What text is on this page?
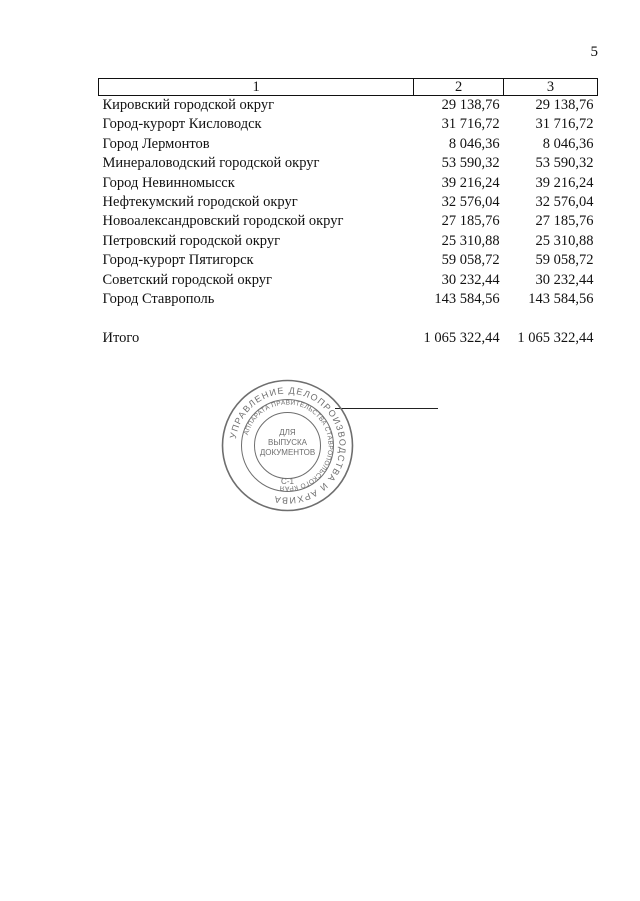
5
1	2	3
Кировский городской округ	29 138,76	29 138,76
Город-курорт Кисловодск	31 716,72	31 716,72
Город Лермонтов	8 046,36	8 046,36
Минераловодский городской округ	53 590,32	53 590,32
Город Невинномысск	39 216,24	39 216,24
Нефтекумский городской округ	32 576,04	32 576,04
Новоалександровский городской округ	27 185,76	27 185,76
Петровский городской округ	25 310,88	25 310,88
Город-курорт Пятигорск	59 058,72	59 058,72
Советский городской округ	30 232,44	30 232,44
Город Ставрополь	143 584,56	143 584,56

Итого	1 065 322,44	1 065 322,44
УПРАВЛЕНИЕ ДЕЛОПРОИЗВОДСТВА И АРХИВА
АППАРАТА ПРАВИТЕЛЬСТВА СТАВРОПОЛЬСКОГО КРАЯ
ДЛЯ
ВЫПУСКА
ДОКУМЕНТОВ
С-1
